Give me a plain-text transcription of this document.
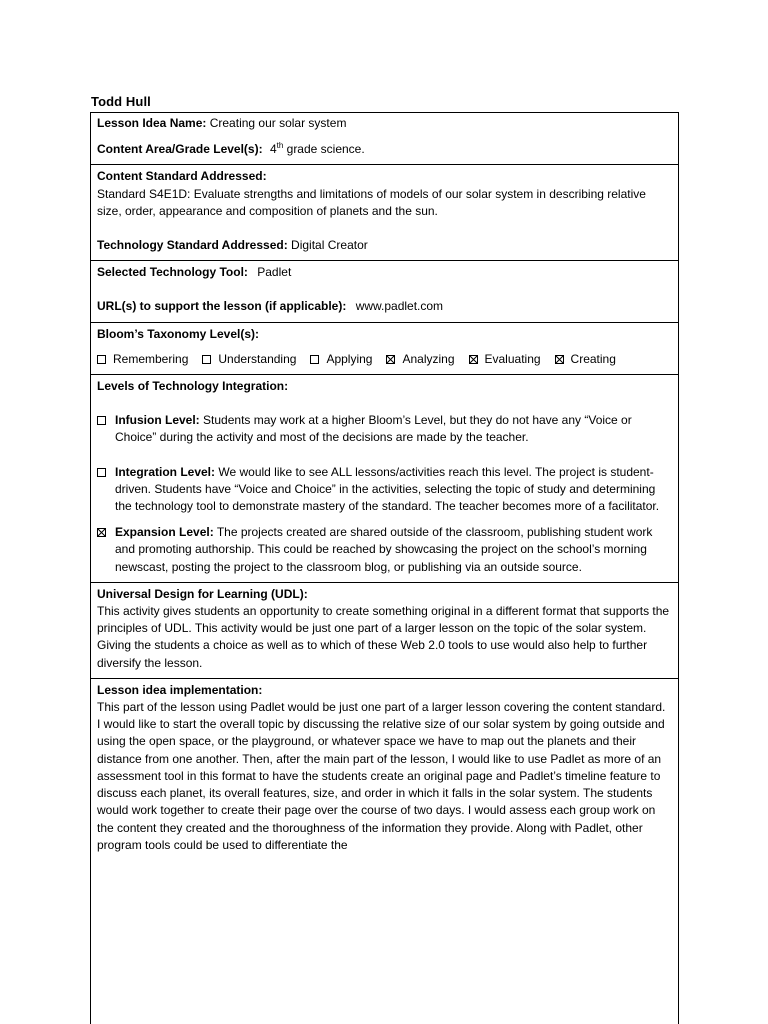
Todd Hull

Lesson Idea Name: Creating our solar system

Content Area/Grade Level(s): 4th grade science.

Content Standard Addressed:

Standard S4E1D: Evaluate strengths and limitations of models of our solar system in describing relative size, order, appearance and composition of planets and the sun.

Technology Standard Addressed: Digital Creator

Selected Technology Tool: Padlet

URL(s) to support the lesson (if applicable): www.padlet.com

Bloom’s Taxonomy Level(s):

Remembering	Understanding	Applying	Analyzing	Evaluating	Creating

Levels of Technology Integration:

Infusion Level: Students may work at a higher Bloom’s Level, but they do not have any “Voice or Choice” during the activity and most of the decisions are made by the teacher.

Integration Level: We would like to see ALL lessons/activities reach this level. The project is student-driven. Students have “Voice and Choice” in the activities, selecting the topic of study and determining the technology tool to demonstrate mastery of the standard. The teacher becomes more of a facilitator.

Expansion Level: The projects created are shared outside of the classroom, publishing student work and promoting authorship. This could be reached by showcasing the project on the school’s morning newscast, posting the project to the classroom blog, or publishing via an outside source.

Universal Design for Learning (UDL):

This activity gives students an opportunity to create something original in a different format that supports the principles of UDL. This activity would be just one part of a larger lesson on the topic of the solar system. Giving the students a choice as well as to which of these Web 2.0 tools to use would also help to further diversify the lesson.

Lesson idea implementation:

This part of the lesson using Padlet would be just one part of a larger lesson covering the content standard. I would like to start the overall topic by discussing the relative size of our solar system by going outside and using the open space, or the playground, or whatever space we have to map out the planets and their distance from one another. Then, after the main part of the lesson, I would like to use Padlet as more of an assessment tool in this format to have the students create an original page and Padlet’s timeline feature to discuss each planet, its overall features, size, and order in which it falls in the solar system. The students would work together to create their page over the course of two days. I would assess each group work on the content they created and the thoroughness of the information they provide. Along with Padlet, other program tools could be used to differentiate the
